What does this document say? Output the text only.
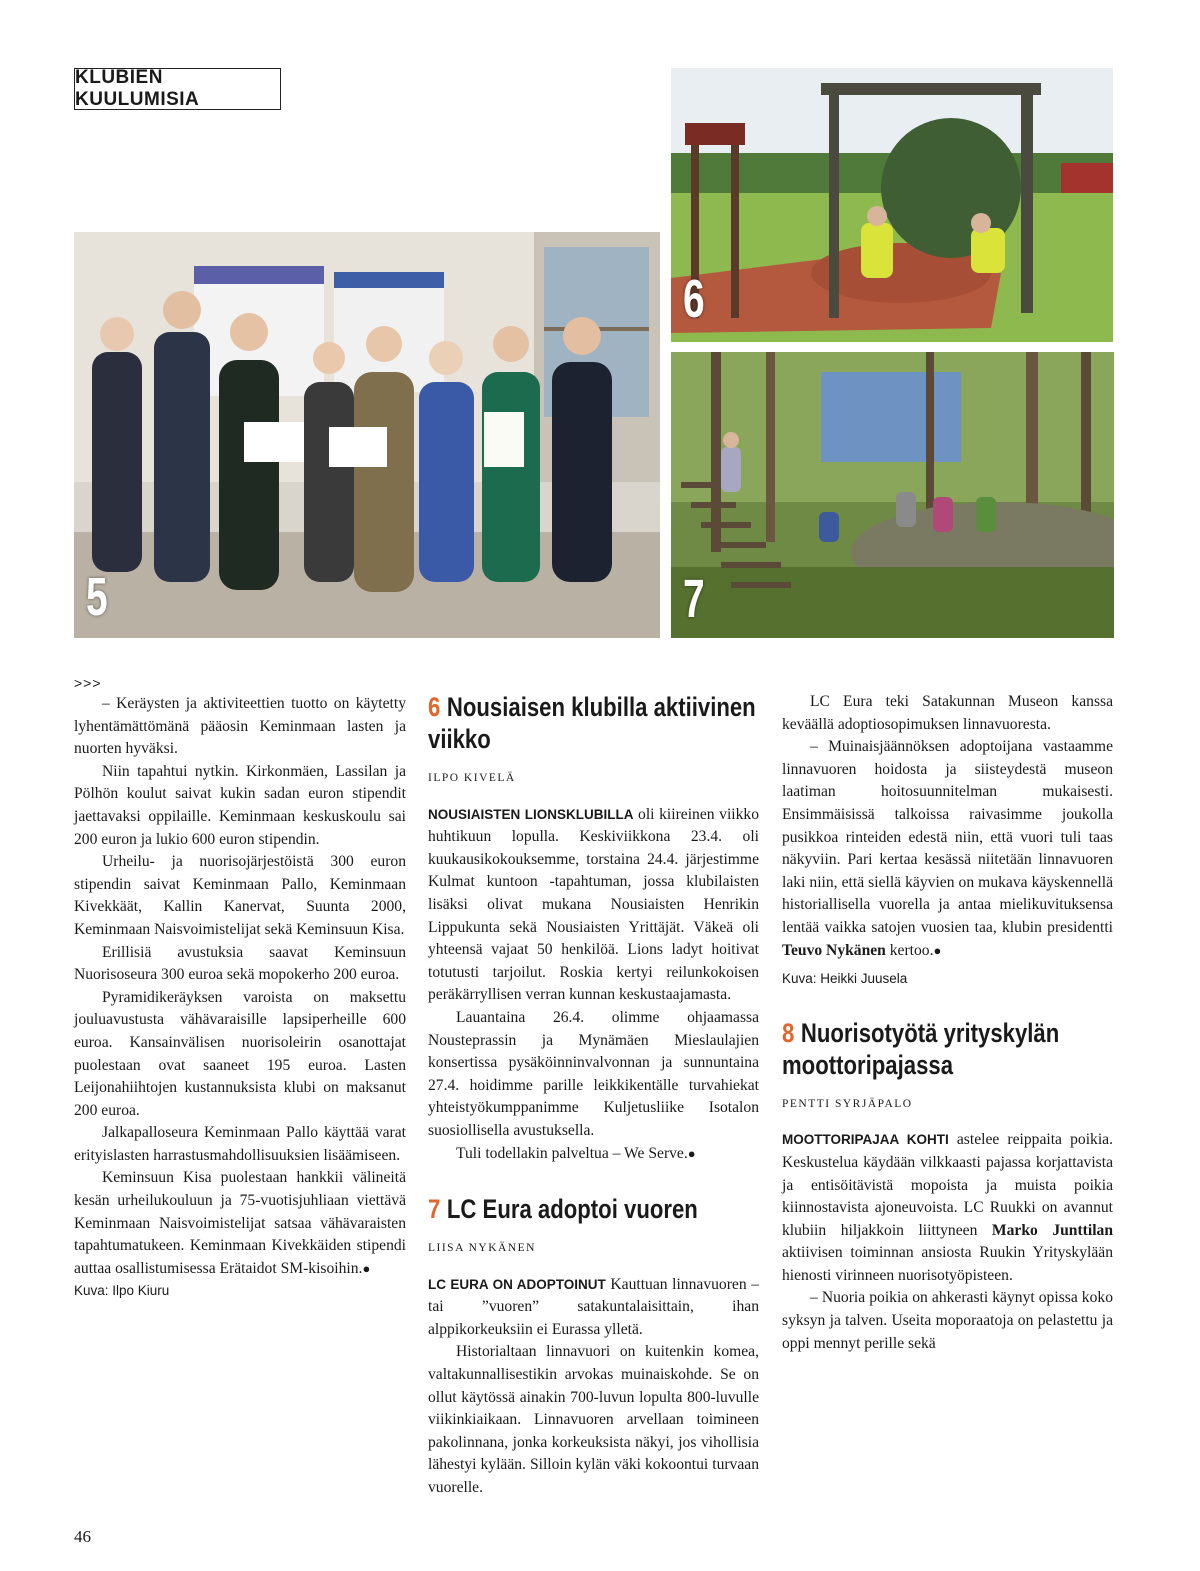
KLUBIEN KUULUMISIA
5
6
7
>>>

– Keräysten ja aktiviteettien tuotto on käytetty lyhentämättömänä pääosin Keminmaan lasten ja nuorten hyväksi.

Niin tapahtui nytkin. Kirkonmäen, Lassilan ja Pölhön koulut saivat kukin sadan euron stipendit jaettavaksi oppilaille. Keminmaan keskuskoulu sai 200 euron ja lukio 600 euron stipendin.

Urheilu- ja nuorisojärjestöistä 300 euron stipendin saivat Keminmaan Pallo, Keminmaan Kivekkäät, Kallin Kanervat, Suunta 2000, Keminmaan Naisvoimistelijat sekä Keminsuun Kisa.

Erillisiä avustuksia saavat Keminsuun Nuorisoseura 300 euroa sekä mopokerho 200 euroa.

Pyramidikeräyksen varoista on maksettu jouluavustusta vähävaraisille lapsiperheille 600 euroa. Kansainvälisen nuorisoleirin osanottajat puolestaan ovat saaneet 195 euroa. Lasten Leijonahiihtojen kustannuksista klubi on maksanut 200 euroa.

Jalkapalloseura Keminmaan Pallo käyttää varat erityislasten harrastusmahdollisuuksien lisäämiseen.

Keminsuun Kisa puolestaan hankkii välineitä kesän urheilukouluun ja 75-vuotisjuhliaan viettävä Keminmaan Naisvoimistelijat satsaa vähävaraisten tapahtumatukeen. Keminmaan Kivekkäiden stipendi auttaa osallistumisessa Erätaidot SM-kisoihin.●

Kuva: Ilpo Kiuru

6 Nousiaisen klubilla aktiivinen viikko
ILPO KIVELÄ

NOUSIAISTEN LIONSKLUBILLA oli kiireinen viikko huhtikuun lopulla. Keskiviikkona 23.4. oli kuukausikokouksemme, torstaina 24.4. järjestimme Kulmat kuntoon -tapahtuman, jossa klubilaisten lisäksi olivat mukana Nousiaisten Henrikin Lippukunta sekä Nousiaisten Yrittäjät. Väkeä oli yhteensä vajaat 50 henkilöä. Lions ladyt hoitivat totutusti tarjoilut. Roskia kertyi reilunkokoisen peräkärryllisen verran kunnan keskustaajamasta.

Lauantaina 26.4. olimme ohjaamassa Nousteprassin ja Mynämäen Mieslaulajien konsertissa pysäköinninvalvonnan ja sunnuntaina 27.4. hoidimme parille leikkikentälle turvahiekat yhteistyökumppanimme Kuljetusliike Isotalon suosiollisella avustuksella.

Tuli todellakin palveltua – We Serve.●

7 LC Eura adoptoi vuoren
LIISA NYKÄNEN

LC EURA ON ADOPTOINUT Kauttuan linnavuoren – tai ”vuoren” satakuntalaisittain, ihan alppikorkeuksiin ei Eurassa ylletä.

Historialtaan linnavuori on kuitenkin komea, valtakunnallisestikin arvokas muinaiskohde. Se on ollut käytössä ainakin 700-luvun lopulta 800-luvulle viikinkiaikaan. Linnavuoren arvellaan toimineen pakolinnana, jonka korkeuksista näkyi, jos vihollisia lähestyi kylään. Silloin kylän väki kokoontui turvaan vuorelle.

LC Eura teki Satakunnan Museon kanssa keväällä adoptiosopimuksen linnavuoresta.

– Muinaisjäännöksen adoptoijana vastaamme linnavuoren hoidosta ja siisteydestä museon laatiman hoitosuunnitelman mukaisesti. Ensimmäisissä talkoissa raivasimme joukolla pusikkoa rinteiden edestä niin, että vuori tuli taas näkyviin. Pari kertaa kesässä niitetään linnavuoren laki niin, että siellä käyvien on mukava käyskennellä historiallisella vuorella ja antaa mielikuvituksensa lentää vaikka satojen vuosien taa, klubin presidentti Teuvo Nykänen kertoo.●

Kuva: Heikki Juusela

8 Nuorisotyötä yrityskylän moottoripajassa
PENTTI SYRJÄPALO

MOOTTORIPAJAA KOHTI astelee reippaita poikia. Keskustelua käydään vilkkaasti pajassa korjattavista ja entisöitävistä mopoista ja muista poikia kiinnostavista ajoneuvoista. LC Ruukki on avannut klubiin hiljakkoin liittyneen Marko Junttilan aktiivisen toiminnan ansiosta Ruukin Yrityskylään hienosti virinneen nuorisotyöpisteen.

– Nuoria poikia on ahkerasti käynyt opissa koko syksyn ja talven. Useita moporaatoja on pelastettu ja oppi mennyt perille sekä

46
